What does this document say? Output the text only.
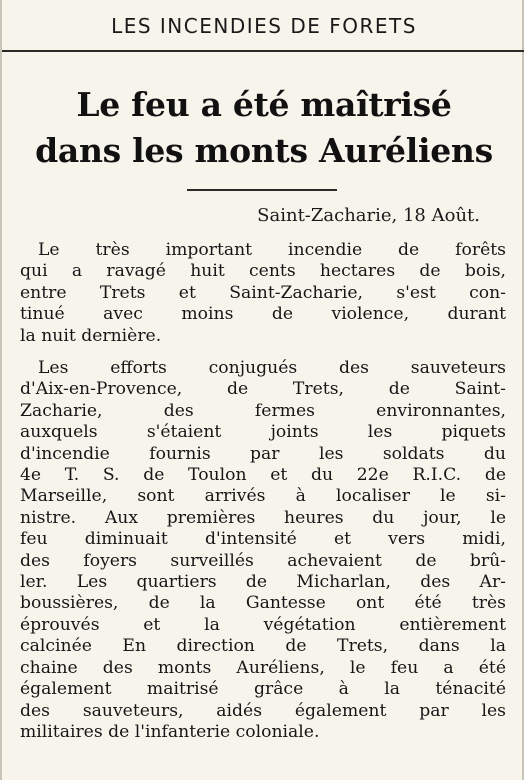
LES INCENDIES DE FORETS
Le feu a été maîtrisé
dans les monts Auréliens
Saint-Zacharie, 18 Août.
Le très important incendie de forêts
qui a ravagé huit cents hectares de bois,
entre Trets et Saint-Zacharie, s'est con-
tinué avec moins de violence, durant
la nuit dernière.
Les efforts conjugués des sauveteurs
d'Aix-en-Provence, de Trets, de Saint-
Zacharie, des fermes environnantes,
auxquels s'étaient joints les piquets
d'incendie fournis par les soldats du
4e T. S. de Toulon et du 22e R.I.C. de
Marseille, sont arrivés à localiser le si-
nistre. Aux premières heures du jour, le
feu diminuait d'intensité et vers midi,
des foyers surveillés achevaient de brû-
ler. Les quartiers de Micharlan, des Ar-
boussières, de la Gantesse ont été très
éprouvés et la végétation entièrement
calcinée En direction de Trets, dans la
chaine des monts Auréliens, le feu a été
également maitrisé grâce à la ténacité
des sauveteurs, aidés également par les
militaires de l'infanterie coloniale.
